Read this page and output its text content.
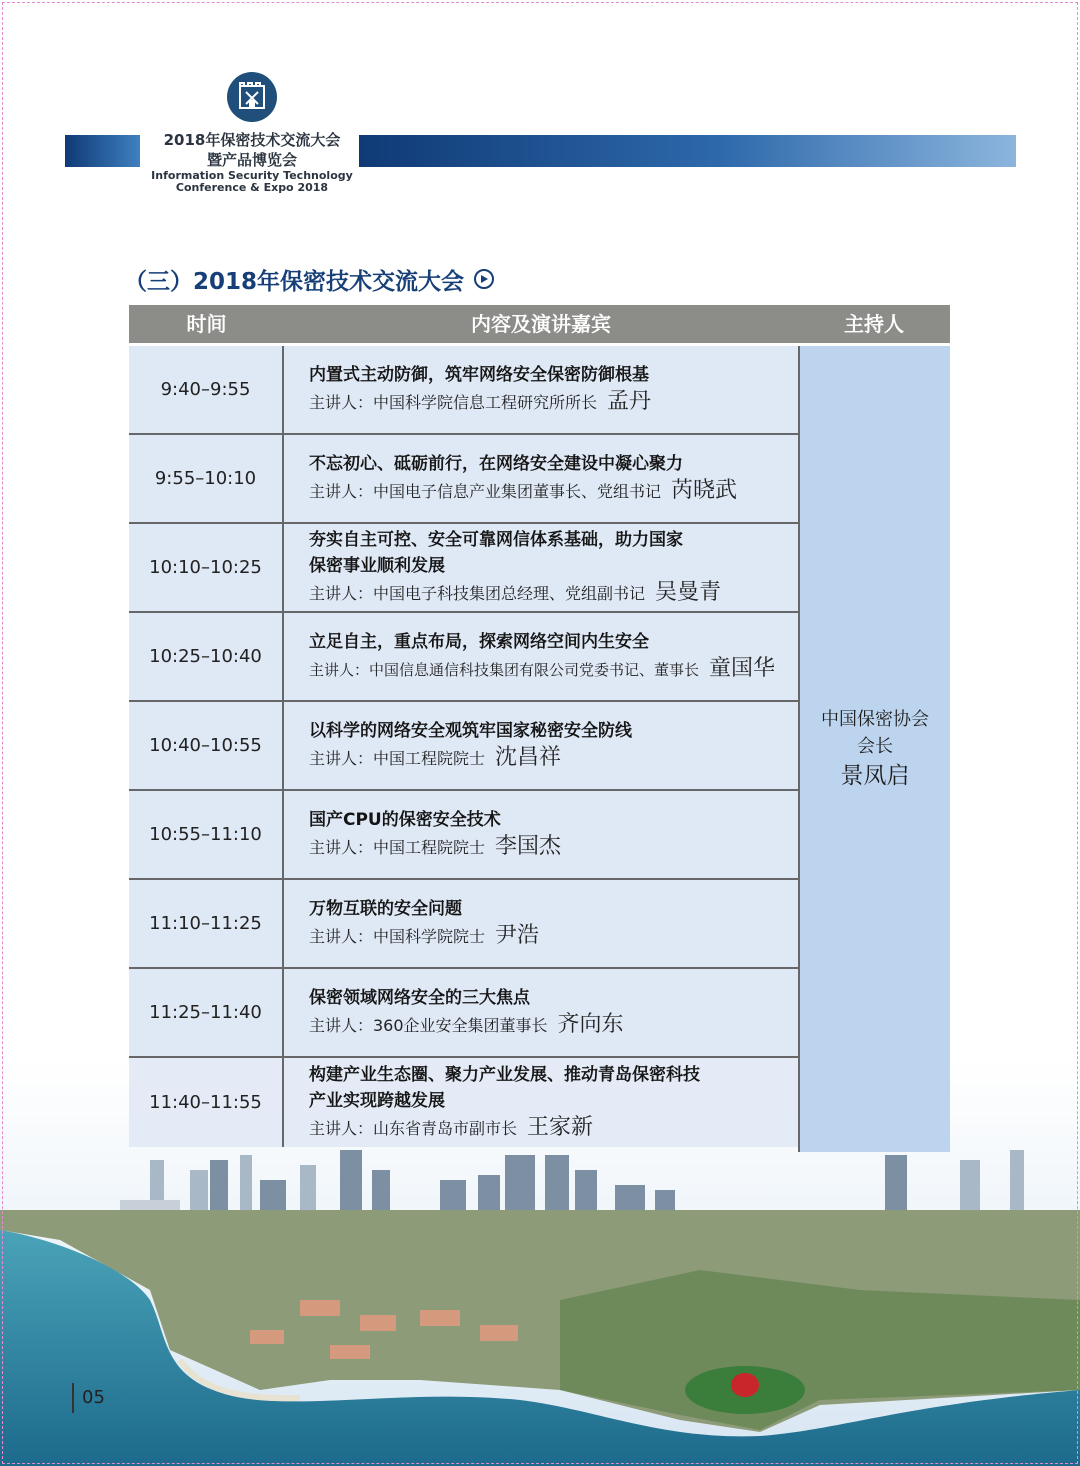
2018年保密技术交流大会
暨产品博览会
Information Security Technology
Conference & Expo 2018
（三）2018年保密技术交流大会
时间	内容及演讲嘉宾	主持人
9:40–9:55
内置式主动防御，筑牢网络安全保密防御根基
主讲人：中国科学院信息工程研究所所长 孟丹
9:55–10:10
不忘初心、砥砺前行，在网络安全建设中凝心聚力
主讲人：中国电子信息产业集团董事长、党组书记 芮晓武
10:10–10:25
夯实自主可控、安全可靠网信体系基础，助力国家
保密事业顺利发展
主讲人：中国电子科技集团总经理、党组副书记 吴曼青
10:25–10:40
立足自主，重点布局，探索网络空间内生安全
主讲人：中国信息通信科技集团有限公司党委书记、董事长 童国华
10:40–10:55
以科学的网络安全观筑牢国家秘密安全防线
主讲人：中国工程院院士 沈昌祥
10:55–11:10
国产CPU的保密安全技术
主讲人：中国工程院院士 李国杰
11:10–11:25
万物互联的安全问题
主讲人：中国科学院院士 尹浩
11:25–11:40
保密领域网络安全的三大焦点
主讲人：360企业安全集团董事长 齐向东
11:40–11:55
构建产业生态圈、聚力产业发展、推动青岛保密科技
产业实现跨越发展
主讲人：山东省青岛市副市长 王家新
中国保密协会
会长
景凤启
05
